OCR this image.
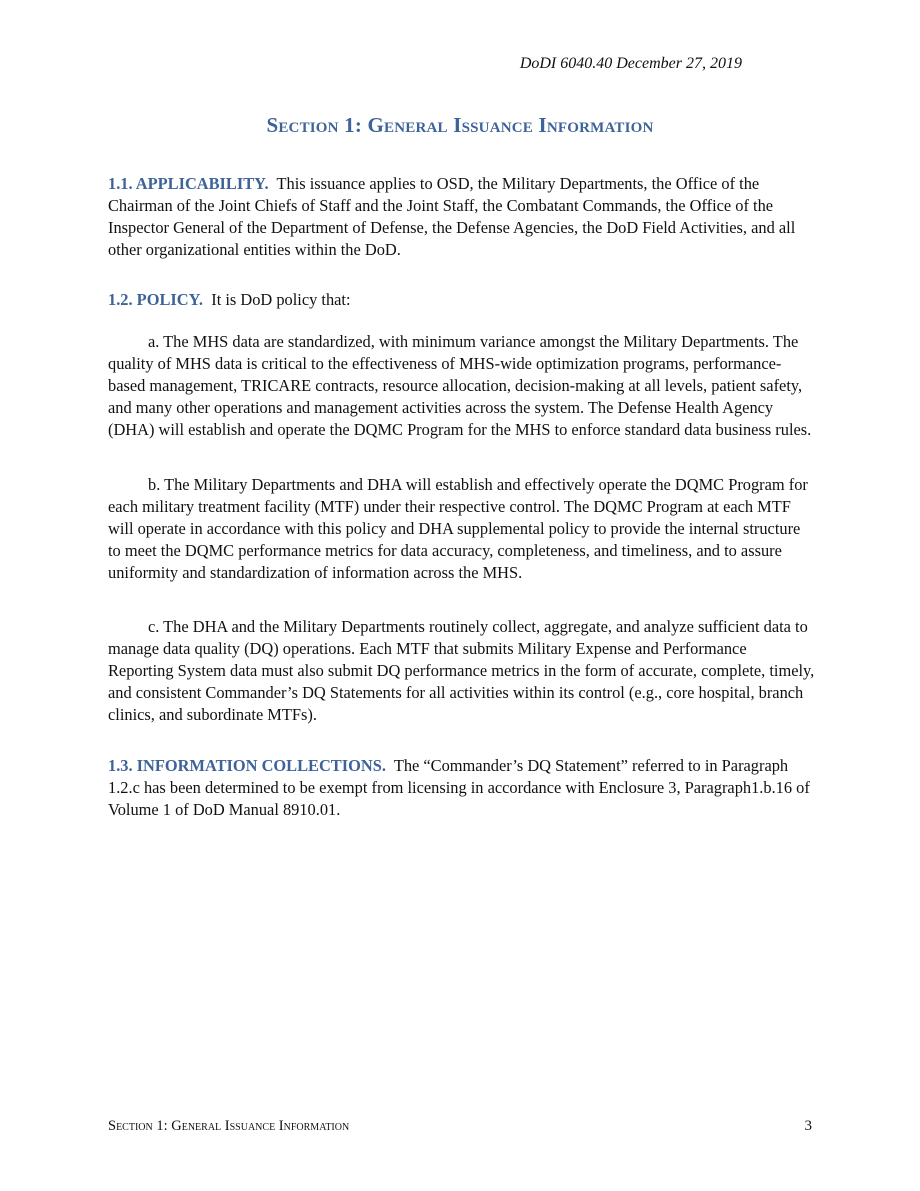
DoDI 6040.40 December 27, 2019
Section 1: General Issuance Information

1.1. APPLICABILITY. This issuance applies to OSD, the Military Departments, the Office of the Chairman of the Joint Chiefs of Staff and the Joint Staff, the Combatant Commands, the Office of the Inspector General of the Department of Defense, the Defense Agencies, the DoD Field Activities, and all other organizational entities within the DoD.

1.2. POLICY. It is DoD policy that:

a. The MHS data are standardized, with minimum variance amongst the Military Departments. The quality of MHS data is critical to the effectiveness of MHS-wide optimization programs, performance-based management, TRICARE contracts, resource allocation, decision-making at all levels, patient safety, and many other operations and management activities across the system. The Defense Health Agency (DHA) will establish and operate the DQMC Program for the MHS to enforce standard data business rules.

b. The Military Departments and DHA will establish and effectively operate the DQMC Program for each military treatment facility (MTF) under their respective control. The DQMC Program at each MTF will operate in accordance with this policy and DHA supplemental policy to provide the internal structure to meet the DQMC performance metrics for data accuracy, completeness, and timeliness, and to assure uniformity and standardization of information across the MHS.

c. The DHA and the Military Departments routinely collect, aggregate, and analyze sufficient data to manage data quality (DQ) operations. Each MTF that submits Military Expense and Performance Reporting System data must also submit DQ performance metrics in the form of accurate, complete, timely, and consistent Commander’s DQ Statements for all activities within its control (e.g., core hospital, branch clinics, and subordinate MTFs).

1.3. INFORMATION COLLECTIONS. The “Commander’s DQ Statement” referred to in Paragraph 1.2.c has been determined to be exempt from licensing in accordance with Enclosure 3, Paragraph1.b.16 of Volume 1 of DoD Manual 8910.01.

Section 1: General Issuance Information	3
